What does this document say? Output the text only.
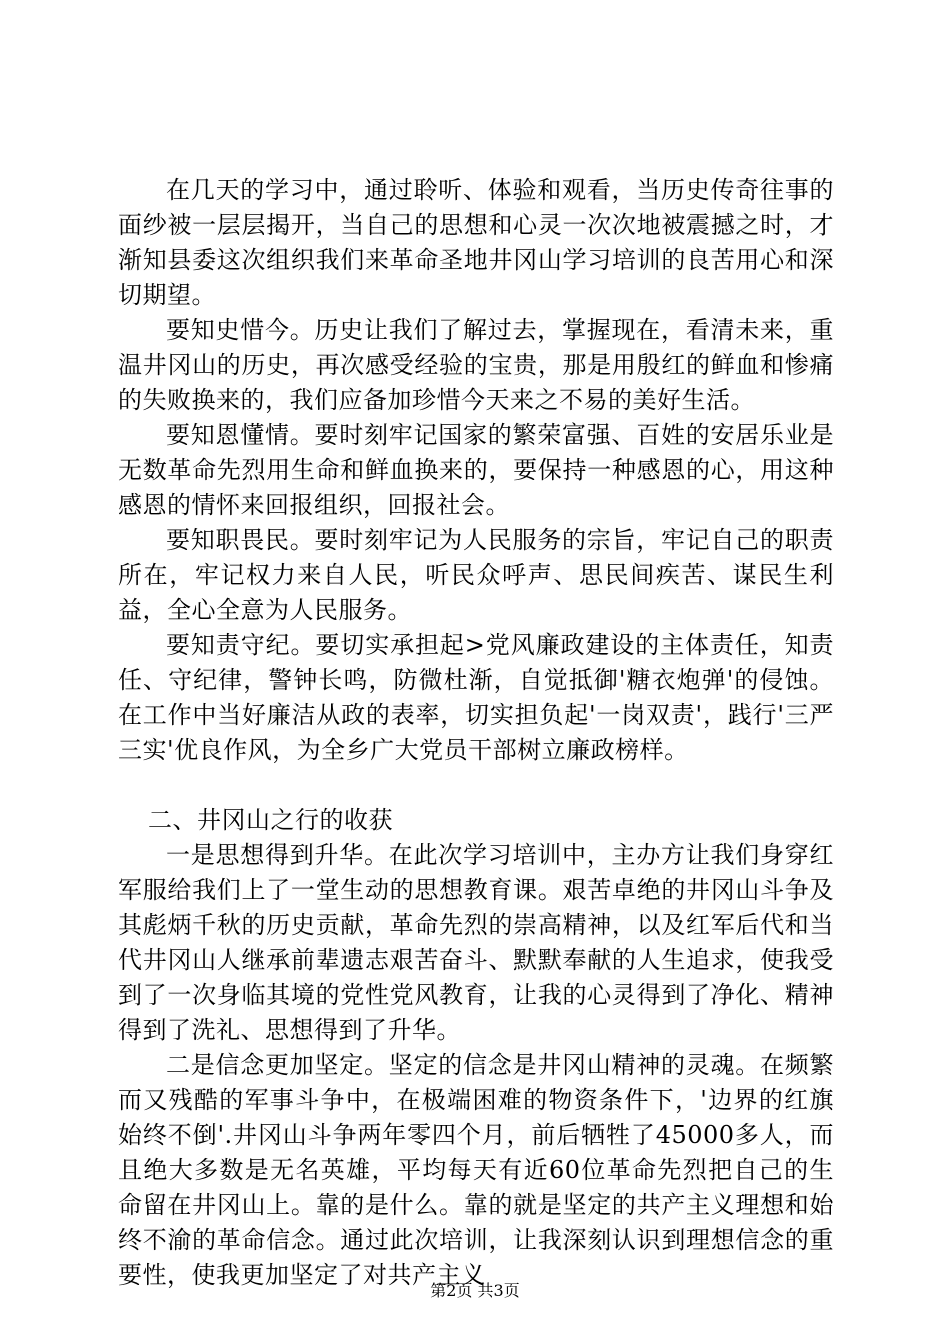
在几天的学习中，通过聆听、体验和观看，当历史传奇往事的面纱被一层层揭开，当自己的思想和心灵一次次地被震撼之时，才渐知县委这次组织我们来革命圣地井冈山学习培训的良苦用心和深切期望。

要知史惜今。历史让我们了解过去，掌握现在，看清未来，重温井冈山的历史，再次感受经验的宝贵，那是用殷红的鲜血和惨痛的失败换来的，我们应备加珍惜今天来之不易的美好生活。

要知恩懂情。要时刻牢记国家的繁荣富强、百姓的安居乐业是无数革命先烈用生命和鲜血换来的，要保持一种感恩的心，用这种感恩的情怀来回报组织，回报社会。

要知职畏民。要时刻牢记为人民服务的宗旨，牢记自己的职责所在，牢记权力来自人民，听民众呼声、思民间疾苦、谋民生利益，全心全意为人民服务。

要知责守纪。要切实承担起>党风廉政建设的主体责任，知责任、守纪律，警钟长鸣，防微杜渐，自觉抵御'糖衣炮弹'的侵蚀。在工作中当好廉洁从政的表率，切实担负起'一岗双责'，践行'三严三实'优良作风，为全乡广大党员干部树立廉政榜样。

二、井冈山之行的收获

一是思想得到升华。在此次学习培训中，主办方让我们身穿红军服给我们上了一堂生动的思想教育课。艰苦卓绝的井冈山斗争及其彪炳千秋的历史贡献，革命先烈的崇高精神，以及红军后代和当代井冈山人继承前辈遗志艰苦奋斗、默默奉献的人生追求，使我受到了一次身临其境的党性党风教育，让我的心灵得到了净化、精神得到了洗礼、思想得到了升华。

二是信念更加坚定。坚定的信念是井冈山精神的灵魂。在频繁而又残酷的军事斗争中，在极端困难的物资条件下，'边界的红旗始终不倒'.井冈山斗争两年零四个月，前后牺牲了45000多人，而且绝大多数是无名英雄，平均每天有近60位革命先烈把自己的生命留在井冈山上。靠的是什么。靠的就是坚定的共产主义理想和始终不渝的革命信念。通过此次培训，让我深刻认识到理想信念的重要性，使我更加坚定了对共产主义

第2页 共3页
